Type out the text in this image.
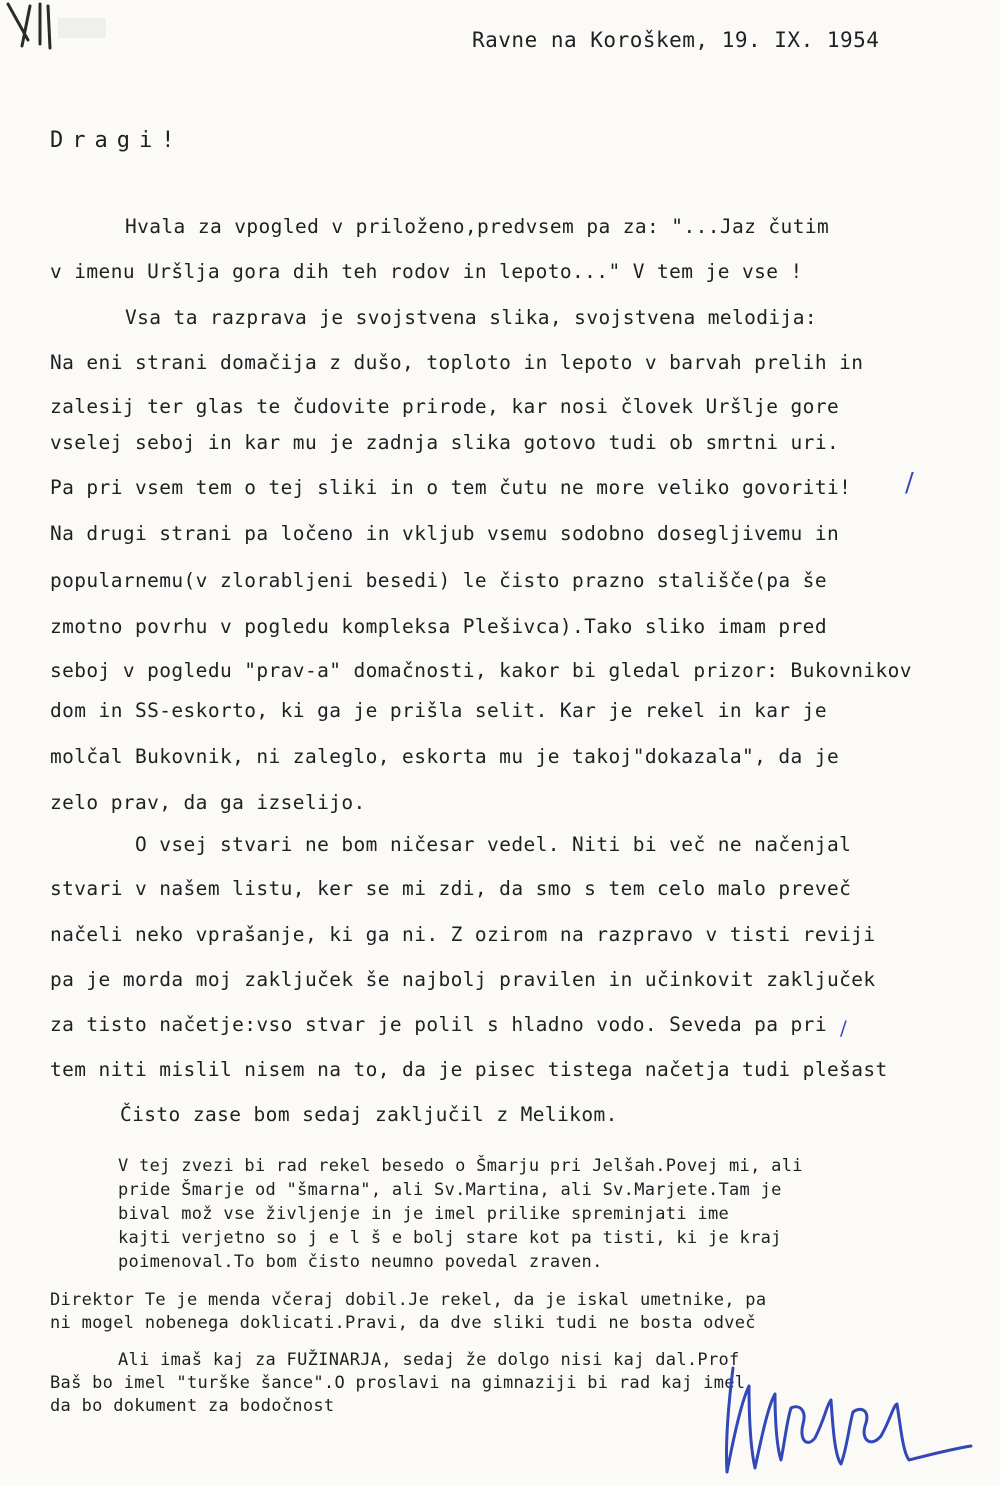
Ravne na Koroškem, 19. IX. 1954
Dragi!
Hvala za vpogled v priloženo,predvsem pa za: "...Jaz čutim
v imenu Uršlja gora dih teh rodov in lepoto..." V tem je vse !
Vsa ta razprava je svojstvena slika, svojstvena melodija:
Na eni strani domačija z dušo, toploto in lepoto v barvah prelih in
zalesij ter glas te čudovite prirode, kar nosi človek Uršlje gore
vselej seboj in kar mu je zadnja slika gotovo tudi ob smrtni uri.
Pa pri vsem tem o tej sliki in o tem čutu ne more veliko govoriti!
Na drugi strani pa ločeno in vkljub vsemu sodobno dosegljivemu in
popularnemu(v zlorabljeni besedi) le čisto prazno stališče(pa še
zmotno povrhu v pogledu kompleksa Plešivca).Tako sliko imam pred
seboj v pogledu "prav-a" domačnosti, kakor bi gledal prizor: Bukovnikov
dom in SS-eskorto, ki ga je prišla selit. Kar je rekel in kar je
molčal Bukovnik, ni zaleglo, eskorta mu je takoj"dokazala", da je
zelo prav, da ga izselijo.
O vsej stvari ne bom ničesar vedel. Niti bi več ne načenjal
stvari v našem listu, ker se mi zdi, da smo s tem celo malo preveč
načeli neko vprašanje, ki ga ni. Z ozirom na razpravo v tisti reviji
pa je morda moj zaključek še najbolj pravilen in učinkovit zaključek
za tisto načetje:vso stvar je polil s hladno vodo. Seveda pa pri
tem niti mislil nisem na to, da je pisec tistega načetja tudi plešast
Čisto zase bom sedaj zaključil z Melikom.
V tej zvezi bi rad rekel besedo o Šmarju pri Jelšah.Povej mi, ali
pride Šmarje od "šmarna", ali Sv.Martina, ali Sv.Marjete.Tam je
bival mož vse življenje in je imel prilike spreminjati ime
kajti verjetno so j e l š e bolj stare kot pa tisti, ki je kraj
poimenoval.To bom čisto neumno povedal zraven.
Direktor Te je menda včeraj dobil.Je rekel, da je iskal umetnike, pa
ni mogel nobenega doklicati.Pravi, da dve sliki tudi ne bosta odveč
Ali imaš kaj za FUŽINARJA, sedaj že dolgo nisi kaj dal.Prof
Baš bo imel "turške šance".O proslavi na gimnaziji bi rad kaj imel
da bo dokument za bodočnost
/
/
